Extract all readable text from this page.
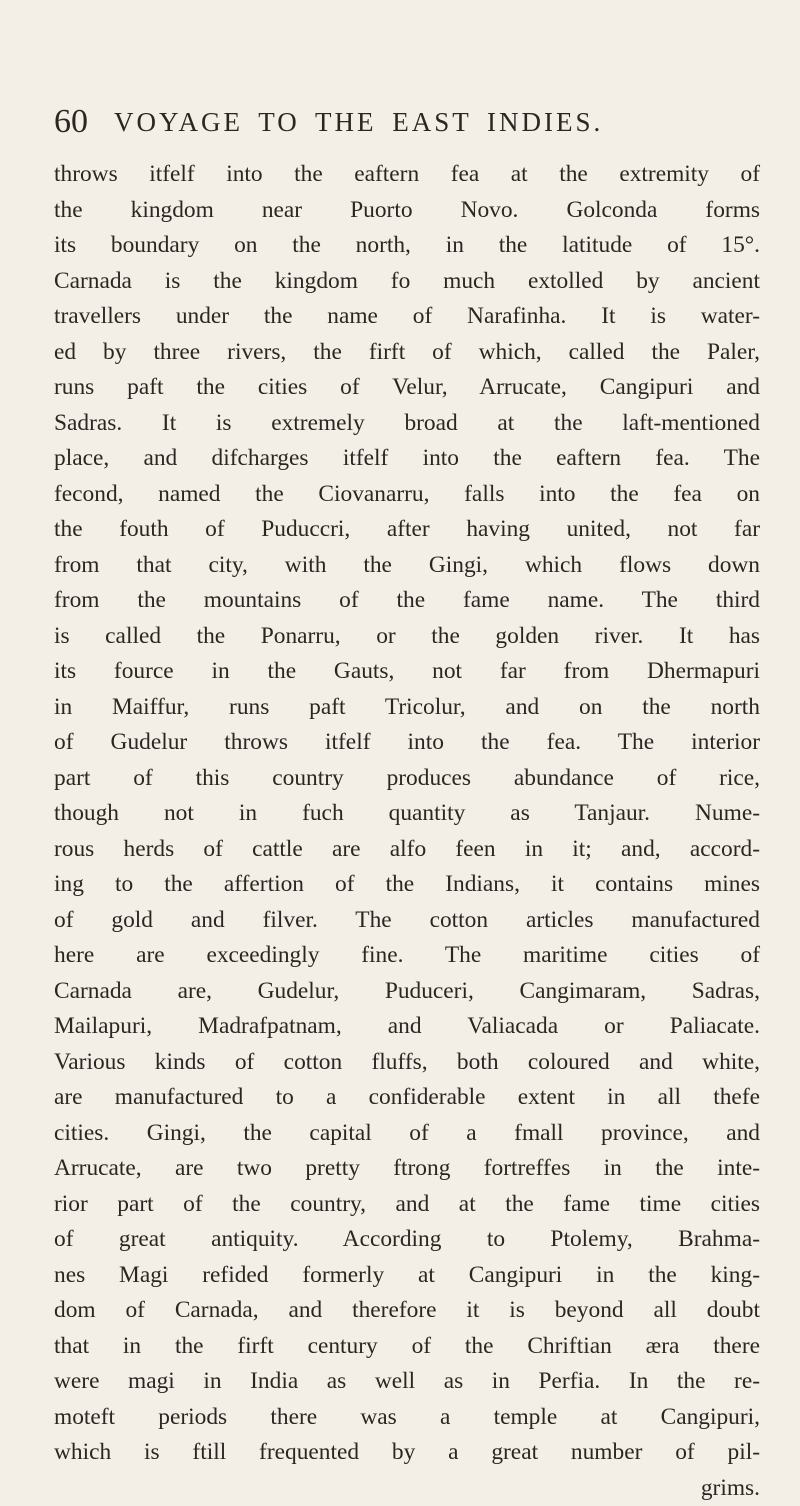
60 VOYAGE TO THE EAST INDIES.
throws itfelf into the eaftern fea at the extremity of
the kingdom near Puorto Novo. Golconda forms
its boundary on the north, in the latitude of 15°.
Carnada is the kingdom fo much extolled by ancient
travellers under the name of Narafinha. It is water-
ed by three rivers, the firft of which, called the Paler,
runs paft the cities of Velur, Arrucate, Cangipuri and
Sadras. It is extremely broad at the laft-mentioned
place, and difcharges itfelf into the eaftern fea. The
fecond, named the Ciovanarru, falls into the fea on
the fouth of Puduccri, after having united, not far
from that city, with the Gingi, which flows down
from the mountains of the fame name. The third
is called the Ponarru, or the golden river. It has
its fource in the Gauts, not far from Dhermapuri
in Maiffur, runs paft Tricolur, and on the north
of Gudelur throws itfelf into the fea. The interior
part of this country produces abundance of rice,
though not in fuch quantity as Tanjaur. Nume-
rous herds of cattle are alfo feen in it; and, accord-
ing to the affertion of the Indians, it contains mines
of gold and filver. The cotton articles manufactured
here are exceedingly fine. The maritime cities of
Carnada are, Gudelur, Puduceri, Cangimaram, Sadras,
Mailapuri, Madrafpatnam, and Valiacada or Paliacate.
Various kinds of cotton fluffs, both coloured and white,
are manufactured to a confiderable extent in all thefe
cities. Gingi, the capital of a fmall province, and
Arrucate, are two pretty ftrong fortreffes in the inte-
rior part of the country, and at the fame time cities
of great antiquity. According to Ptolemy, Brahma-
nes Magi refided formerly at Cangipuri in the king-
dom of Carnada, and therefore it is beyond all doubt
that in the firft century of the Chriftian æra there
were magi in India as well as in Perfia. In the re-
moteft periods there was a temple at Cangipuri,
which is ftill frequented by a great number of pil-
grims.
